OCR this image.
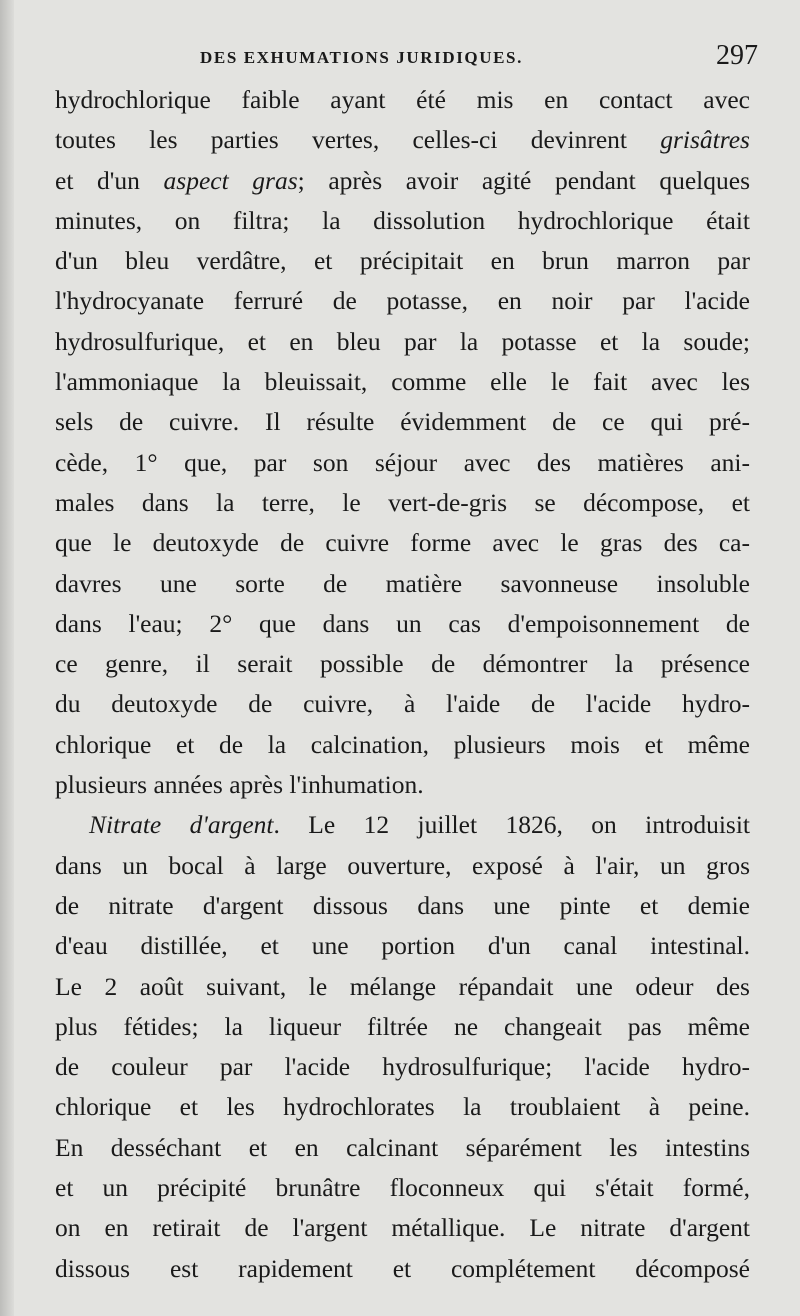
DES EXHUMATIONS JURIDIQUES.	297
hydrochlorique faible ayant été mis en contact avec
toutes les parties vertes, celles-ci devinrent grisâtres
et d'un aspect gras; après avoir agité pendant quelques
minutes, on filtra; la dissolution hydrochlorique était
d'un bleu verdâtre, et précipitait en brun marron par
l'hydrocyanate ferruré de potasse, en noir par l'acide
hydrosulfurique, et en bleu par la potasse et la soude;
l'ammoniaque la bleuissait, comme elle le fait avec les
sels de cuivre. Il résulte évidemment de ce qui pré-
cède, 1° que, par son séjour avec des matières ani-
males dans la terre, le vert-de-gris se décompose, et
que le deutoxyde de cuivre forme avec le gras des ca-
davres une sorte de matière savonneuse insoluble
dans l'eau; 2° que dans un cas d'empoisonnement de
ce genre, il serait possible de démontrer la présence
du deutoxyde de cuivre, à l'aide de l'acide hydro-
chlorique et de la calcination, plusieurs mois et même
plusieurs années après l'inhumation.
Nitrate d'argent. Le 12 juillet 1826, on introduisit
dans un bocal à large ouverture, exposé à l'air, un gros
de nitrate d'argent dissous dans une pinte et demie
d'eau distillée, et une portion d'un canal intestinal.
Le 2 août suivant, le mélange répandait une odeur des
plus fétides; la liqueur filtrée ne changeait pas même
de couleur par l'acide hydrosulfurique; l'acide hydro-
chlorique et les hydrochlorates la troublaient à peine.
En desséchant et en calcinant séparément les intestins
et un précipité brunâtre floconneux qui s'était formé,
on en retirait de l'argent métallique. Le nitrate d'argent
dissous est rapidement et complétement décomposé
